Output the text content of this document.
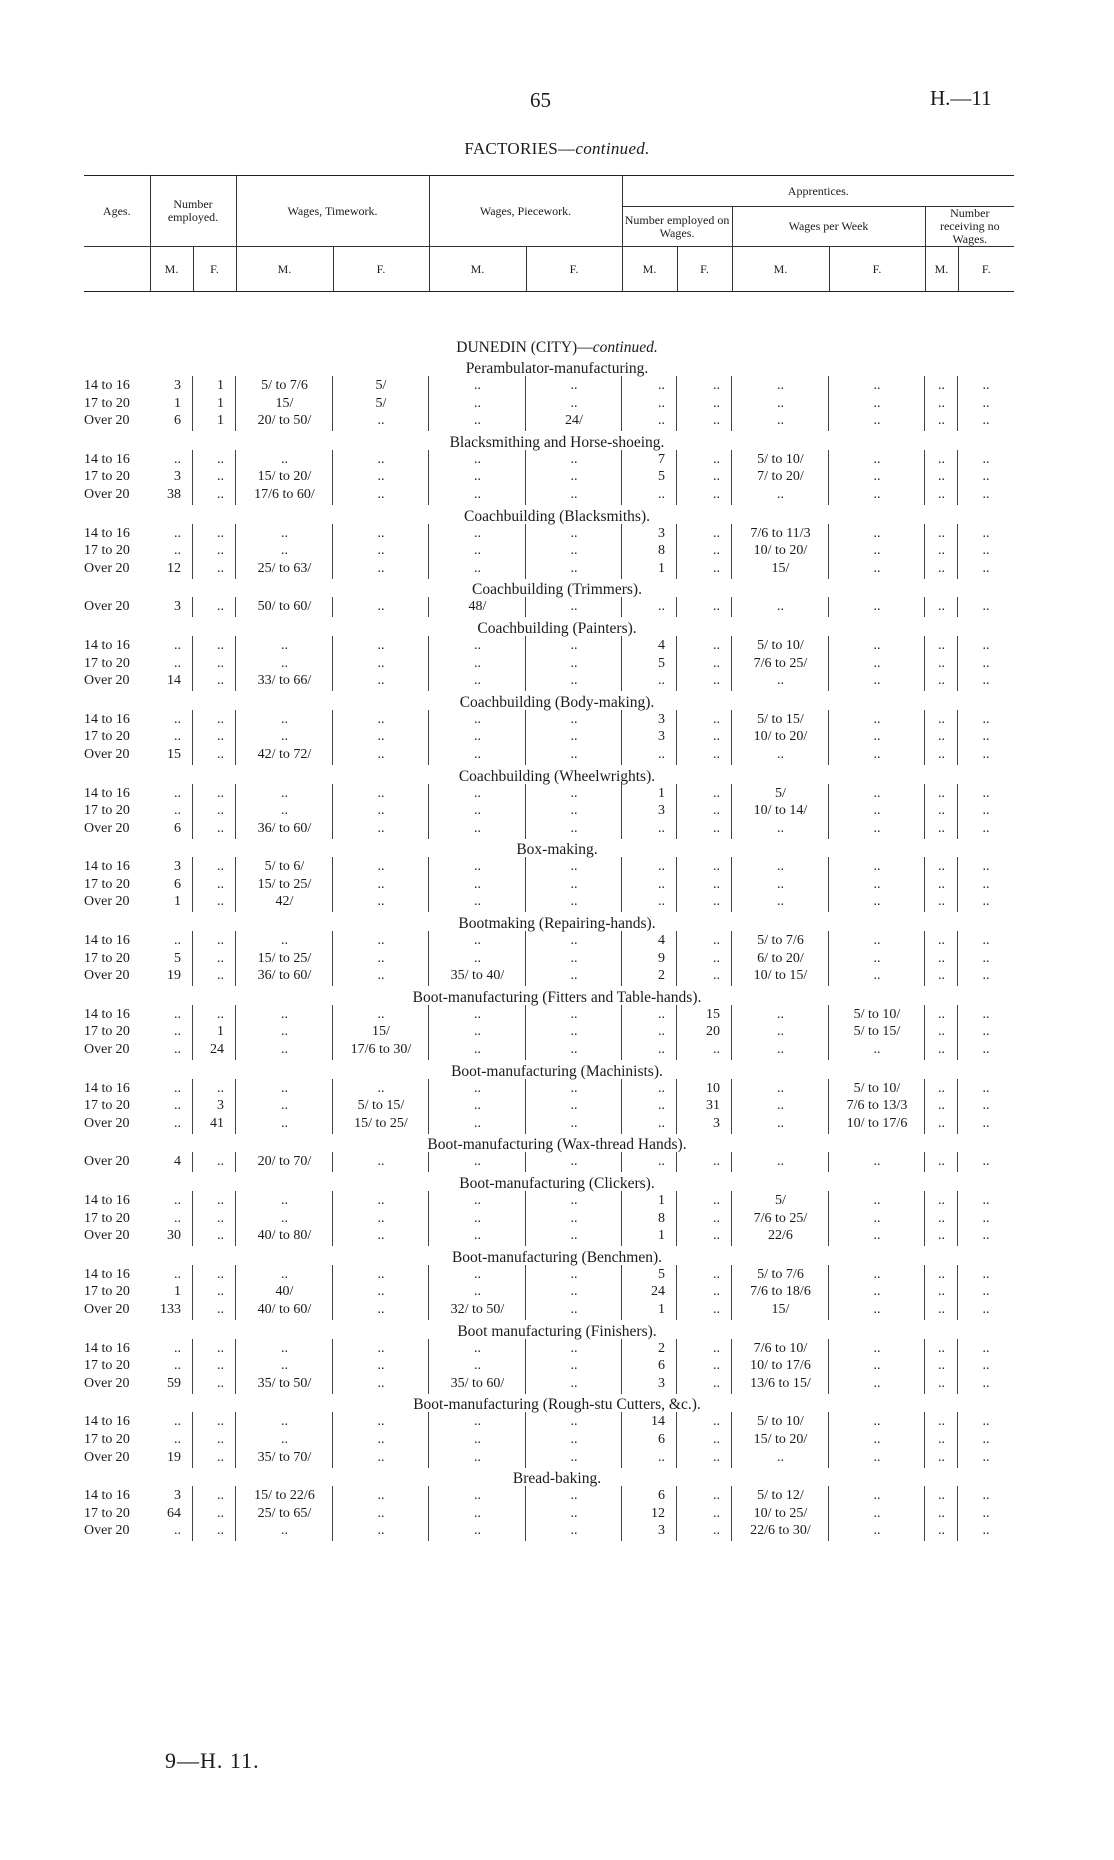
65	H.—11
FACTORIES—continued.
Ages.	Number employed.		Wages, Timework.		Wages, Piecework.		Apprentices.					
							Number employed on Wages.		Wages per Week		Number receiving no Wages.	
	M.	F.	M.	F.	M.	F.	M.	F.	M.	F.	M.	F.
DUNEDIN (CITY)—continued.
Perambulator-manufacturing.
14 to 16	3	1	5/ to 7/6	5/	..	..	..	..	..	..	..	..
17 to 20	1	1	15/	5/	..	..	..	..	..	..	..	..
Over 20	6	1	20/ to 50/	..	..	24/	..	..	..	..	..	..
Blacksmithing and Horse-shoeing.
14 to 16	..	..	..	..	..	..	7	..	5/ to 10/	..	..	..
17 to 20	3	..	15/ to 20/	..	..	..	5	..	7/ to 20/	..	..	..
Over 20	38	..	17/6 to 60/	..	..	..	..	..	..	..	..	..
Coachbuilding (Blacksmiths).
14 to 16	..	..	..	..	..	..	3	..	7/6 to 11/3	..	..	..
17 to 20	..	..	..	..	..	..	8	..	10/ to 20/	..	..	..
Over 20	12	..	25/ to 63/	..	..	..	1	..	15/	..	..	..
Coachbuilding (Trimmers).
Over 20	3	..	50/ to 60/	..	48/	..	..	..	..	..	..	..
Coachbuilding (Painters).
14 to 16	..	..	..	..	..	..	4	..	5/ to 10/	..	..	..
17 to 20	..	..	..	..	..	..	5	..	7/6 to 25/	..	..	..
Over 20	14	..	33/ to 66/	..	..	..	..	..	..	..	..	..
Coachbuilding (Body-making).
14 to 16	..	..	..	..	..	..	3	..	5/ to 15/	..	..	..
17 to 20	..	..	..	..	..	..	3	..	10/ to 20/	..	..	..
Over 20	15	..	42/ to 72/	..	..	..	..	..	..	..	..	..
Coachbuilding (Wheelwrights).
14 to 16	..	..	..	..	..	..	1	..	5/	..	..	..
17 to 20	..	..	..	..	..	..	3	..	10/ to 14/	..	..	..
Over 20	6	..	36/ to 60/	..	..	..	..	..	..	..	..	..
Box-making.
14 to 16	3	..	5/ to 6/	..	..	..	..	..	..	..	..	..
17 to 20	6	..	15/ to 25/	..	..	..	..	..	..	..	..	..
Over 20	1	..	42/	..	..	..	..	..	..	..	..	..
Bootmaking (Repairing-hands).
14 to 16	..	..	..	..	..	..	4	..	5/ to 7/6	..	..	..
17 to 20	5	..	15/ to 25/	..	..	..	9	..	6/ to 20/	..	..	..
Over 20	19	..	36/ to 60/	..	35/ to 40/	..	2	..	10/ to 15/	..	..	..
Boot-manufacturing (Fitters and Table-hands).
14 to 16	..	..	..	..	..	..	..	15	..	5/ to 10/	..	..
17 to 20	..	1	..	15/	..	..	..	20	..	5/ to 15/	..	..
Over 20	..	24	..	17/6 to 30/	..	..	..	..	..	..	..	..
Boot-manufacturing (Machinists).
14 to 16	..	..	..	..	..	..	..	10	..	5/ to 10/	..	..
17 to 20	..	3	..	5/ to 15/	..	..	..	31	..	7/6 to 13/3	..	..
Over 20	..	41	..	15/ to 25/	..	..	..	3	..	10/ to 17/6	..	..
Boot-manufacturing (Wax-thread Hands).
Over 20	4	..	20/ to 70/	..	..	..	..	..	..	..	..	..
Boot-manufacturing (Clickers).
14 to 16	..	..	..	..	..	..	1	..	5/	..	..	..
17 to 20	..	..	..	..	..	..	8	..	7/6 to 25/	..	..	..
Over 20	30	..	40/ to 80/	..	..	..	1	..	22/6	..	..	..
Boot-manufacturing (Benchmen).
14 to 16	..	..	..	..	..	..	5	..	5/ to 7/6	..	..	..
17 to 20	1	..	40/	..	..	..	24	..	7/6 to 18/6	..	..	..
Over 20	133	..	40/ to 60/	..	32/ to 50/	..	1	..	15/	..	..	..
Boot manufacturing (Finishers).
14 to 16	..	..	..	..	..	..	2	..	7/6 to 10/	..	..	..
17 to 20	..	..	..	..	..	..	6	..	10/ to 17/6	..	..	..
Over 20	59	..	35/ to 50/	..	35/ to 60/	..	3	..	13/6 to 15/	..	..	..
Boot-manufacturing (Rough-stu Cutters, &c.).
14 to 16	..	..	..	..	..	..	14	..	5/ to 10/	..	..	..
17 to 20	..	..	..	..	..	..	6	..	15/ to 20/	..	..	..
Over 20	19	..	35/ to 70/	..	..	..	..	..	..	..	..	..
Bread-baking.
14 to 16	3	..	15/ to 22/6	..	..	..	6	..	5/ to 12/	..	..	..
17 to 20	64	..	25/ to 65/	..	..	..	12	..	10/ to 25/	..	..	..
Over 20	..	..	..	..	..	..	3	..	22/6 to 30/	..	..	..
9—H. 11.
